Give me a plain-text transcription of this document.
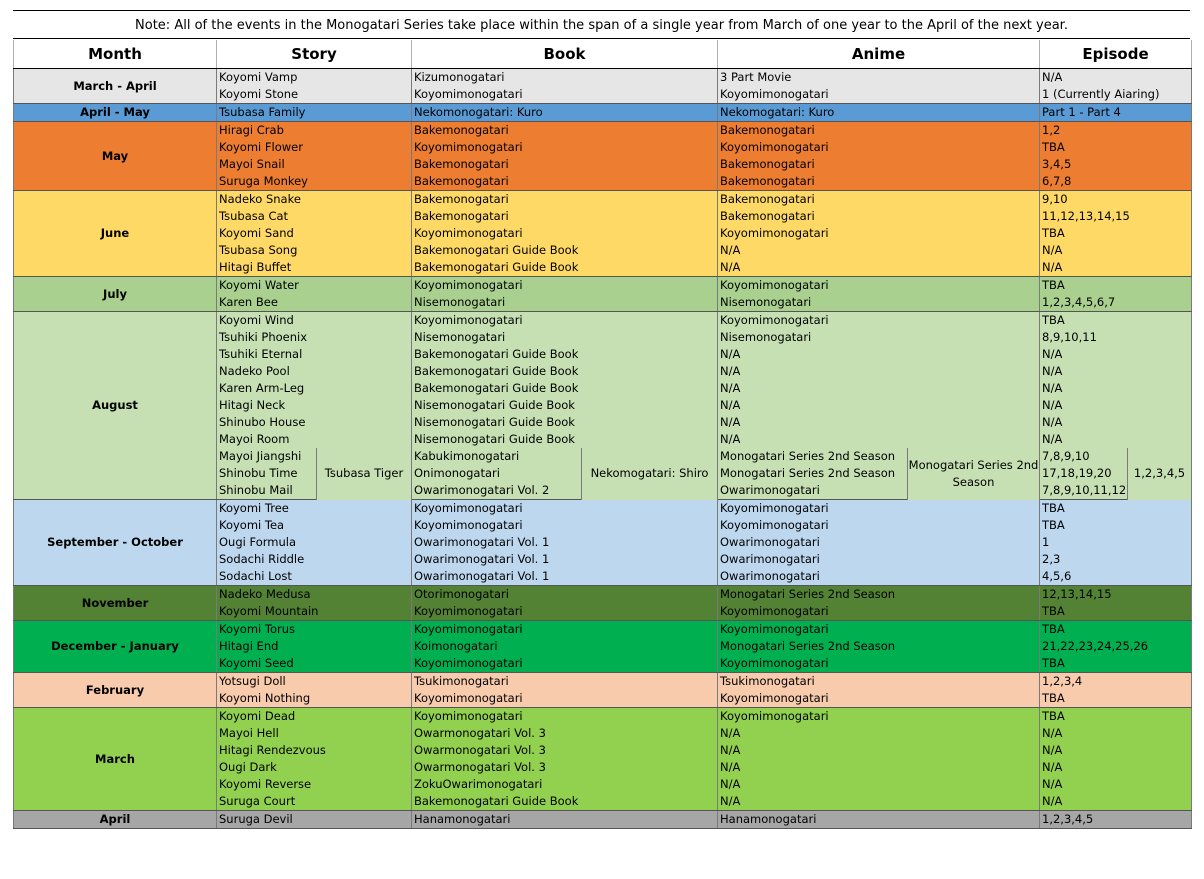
Note: All of the events in the Monogatari Series take place within the span of a single year from March of one year to the April of the next year.
Month	Story		Book		Anime		Episode	
March - April	Koyomi Vamp		Kizumonogatari		3 Part Movie		N/A	
	Koyomi Stone		Koyomimonogatari		Koyomimonogatari		1 (Currently Aiaring)	
April - May	Tsubasa Family		Nekomonogatari: Kuro		Nekomogatari: Kuro		Part 1 - Part 4	
May	Hiragi Crab		Bakemonogatari		Bakemonogatari		1,2	
	Koyomi Flower		Koyomimonogatari		Koyomimonogatari		TBA	
	Mayoi Snail		Bakemonogatari		Bakemonogatari		3,4,5	
	Suruga Monkey		Bakemonogatari		Bakemonogatari		6,7,8	
June	Nadeko Snake		Bakemonogatari		Bakemonogatari		9,10	
	Tsubasa Cat		Bakemonogatari		Bakemonogatari		11,12,13,14,15	
	Koyomi Sand		Koyomimonogatari		Koyomimonogatari		TBA	
	Tsubasa Song		Bakemonogatari Guide Book		N/A		N/A	
	Hitagi Buffet		Bakemonogatari Guide Book		N/A		N/A	
July	Koyomi Water		Koyomimonogatari		Koyomimonogatari		TBA	
	Karen Bee		Nisemonogatari		Nisemonogatari		1,2,3,4,5,6,7	
August	Koyomi Wind		Koyomimonogatari		Koyomimonogatari		TBA	
	Tsuhiki Phoenix		Nisemonogatari		Nisemonogatari		8,9,10,11	
	Tsuhiki Eternal		Bakemonogatari Guide Book		N/A		N/A	
	Nadeko Pool		Bakemonogatari Guide Book		N/A		N/A	
	Karen Arm-Leg		Bakemonogatari Guide Book		N/A		N/A	
	Hitagi Neck		Nisemonogatari Guide Book		N/A		N/A	
	Shinubo House		Nisemonogatari Guide Book		N/A		N/A	
	Mayoi Room		Nisemonogatari Guide Book		N/A		N/A	
	Mayoi Jiangshi	Tsubasa Tiger	Kabukimonogatari	Nekomogatari: Shiro	Monogatari Series 2nd Season	Monogatari Series 2nd Season	7,8,9,10	1,2,3,4,5
	Shinobu Time		Onimonogatari		Monogatari Series 2nd Season		17,18,19,20	
	Shinobu Mail		Owarimonogatari Vol. 2		Owarimonogatari		7,8,9,10,11,12	
September - October	Koyomi Tree		Koyomimonogatari		Koyomimonogatari		TBA	
	Koyomi Tea		Koyomimonogatari		Koyomimonogatari		TBA	
	Ougi Formula		Owarimonogatari Vol. 1		Owarimonogatari		1	
	Sodachi Riddle		Owarimonogatari Vol. 1		Owarimonogatari		2,3	
	Sodachi Lost		Owarimonogatari Vol. 1		Owarimonogatari		4,5,6	
November	Nadeko Medusa		Otorimonogatari		Monogatari Series 2nd Season		12,13,14,15	
	Koyomi Mountain		Koyomimonogatari		Koyomimonogatari		TBA	
December - January	Koyomi Torus		Koyomimonogatari		Koyomimonogatari		TBA	
	Hitagi End		Koimonogatari		Monogatari Series 2nd Season		21,22,23,24,25,26	
	Koyomi Seed		Koyomimonogatari		Koyomimonogatari		TBA	
February	Yotsugi Doll		Tsukimonogatari		Tsukimonogatari		1,2,3,4	
	Koyomi Nothing		Koyomimonogatari		Koyomimonogatari		TBA	
March	Koyomi Dead		Koyomimonogatari		Koyomimonogatari		TBA	
	Mayoi Hell		Owarmonogatari Vol. 3		N/A		N/A	
	Hitagi Rendezvous		Owarmonogatari Vol. 3		N/A		N/A	
	Ougi Dark		Owarmonogatari Vol. 3		N/A		N/A	
	Koyomi Reverse		ZokuOwarimonogatari		N/A		N/A	
	Suruga Court		Bakemonogatari Guide Book		N/A		N/A	
April	Suruga Devil		Hanamonogatari		Hanamonogatari		1,2,3,4,5	
